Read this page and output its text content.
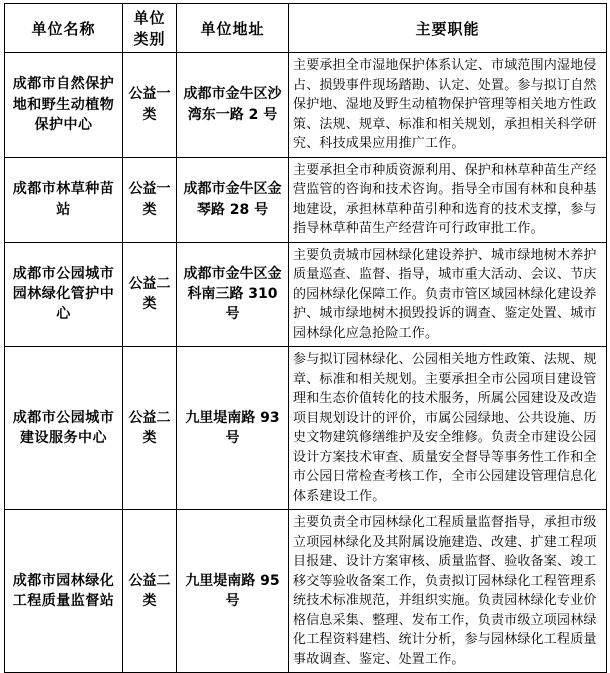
单位名称	单位类别	单位地址	主要职能
成都市自然保护地和野生动植物保护中心	公益一类	成都市金牛区沙湾东一路 2 号	主要承担全市湿地保护体系认定、市域范围内湿地侵占、损毁事件现场踏勘、认定、处置。参与拟订自然保护地、湿地及野生动植物保护管理等相关地方性政策、法规、规章、标准和相关规划，承担相关科学研究、科技成果应用推广工作。
成都市林草种苗站	公益一类	成都市金牛区金琴路 28 号	主要承担全市种质资源利用、保护和林草种苗生产经营监管的咨询和技术咨询。指导全市国有林和良种基地建设，承担林草种苗引种和选育的技术支撑，参与指导林草种苗生产经营许可行政审批工作。
成都市公园城市园林绿化管护中心	公益二类	成都市金牛区金科南三路 310 号	主要负责城市园林绿化建设养护、城市绿地树木养护质量巡查、监督、指导，城市重大活动、会议、节庆的园林绿化保障工作。负责市管区域园林绿化建设养护、城市绿地树木损毁投诉的调查、鉴定处置、城市园林绿化应急抢险工作。
成都市公园城市建设服务中心	公益二类	九里堤南路 93 号	参与拟订园林绿化、公园相关地方性政策、法规、规章、标准和相关规划。主要承担全市公园项目建设管理和生态价值转化的技术服务，所属公园建设及改造项目规划设计的评价，市属公园绿地、公共设施、历史文物建筑修缮维护及安全维修。负责全市建设公园设计方案技术审查、质量安全督导等事务性工作和全市公园日常检查考核工作，全市公园建设管理信息化体系建设工作。
成都市园林绿化工程质量监督站	公益二类	九里堤南路 95 号	主要负责全市园林绿化工程质量监督指导，承担市级立项园林绿化及其附属设施建造、改建、扩建工程项目报建、设计方案审核、质量监督、验收备案、竣工移交等验收备案工作，负责拟订园林绿化工程管理系统技术标准规范，并组织实施。负责园林绿化专业价格信息采集、整理、发布工作，负责市级立项园林绿化工程资料建档、统计分析，参与园林绿化工程质量事故调查、鉴定、处置工作。
